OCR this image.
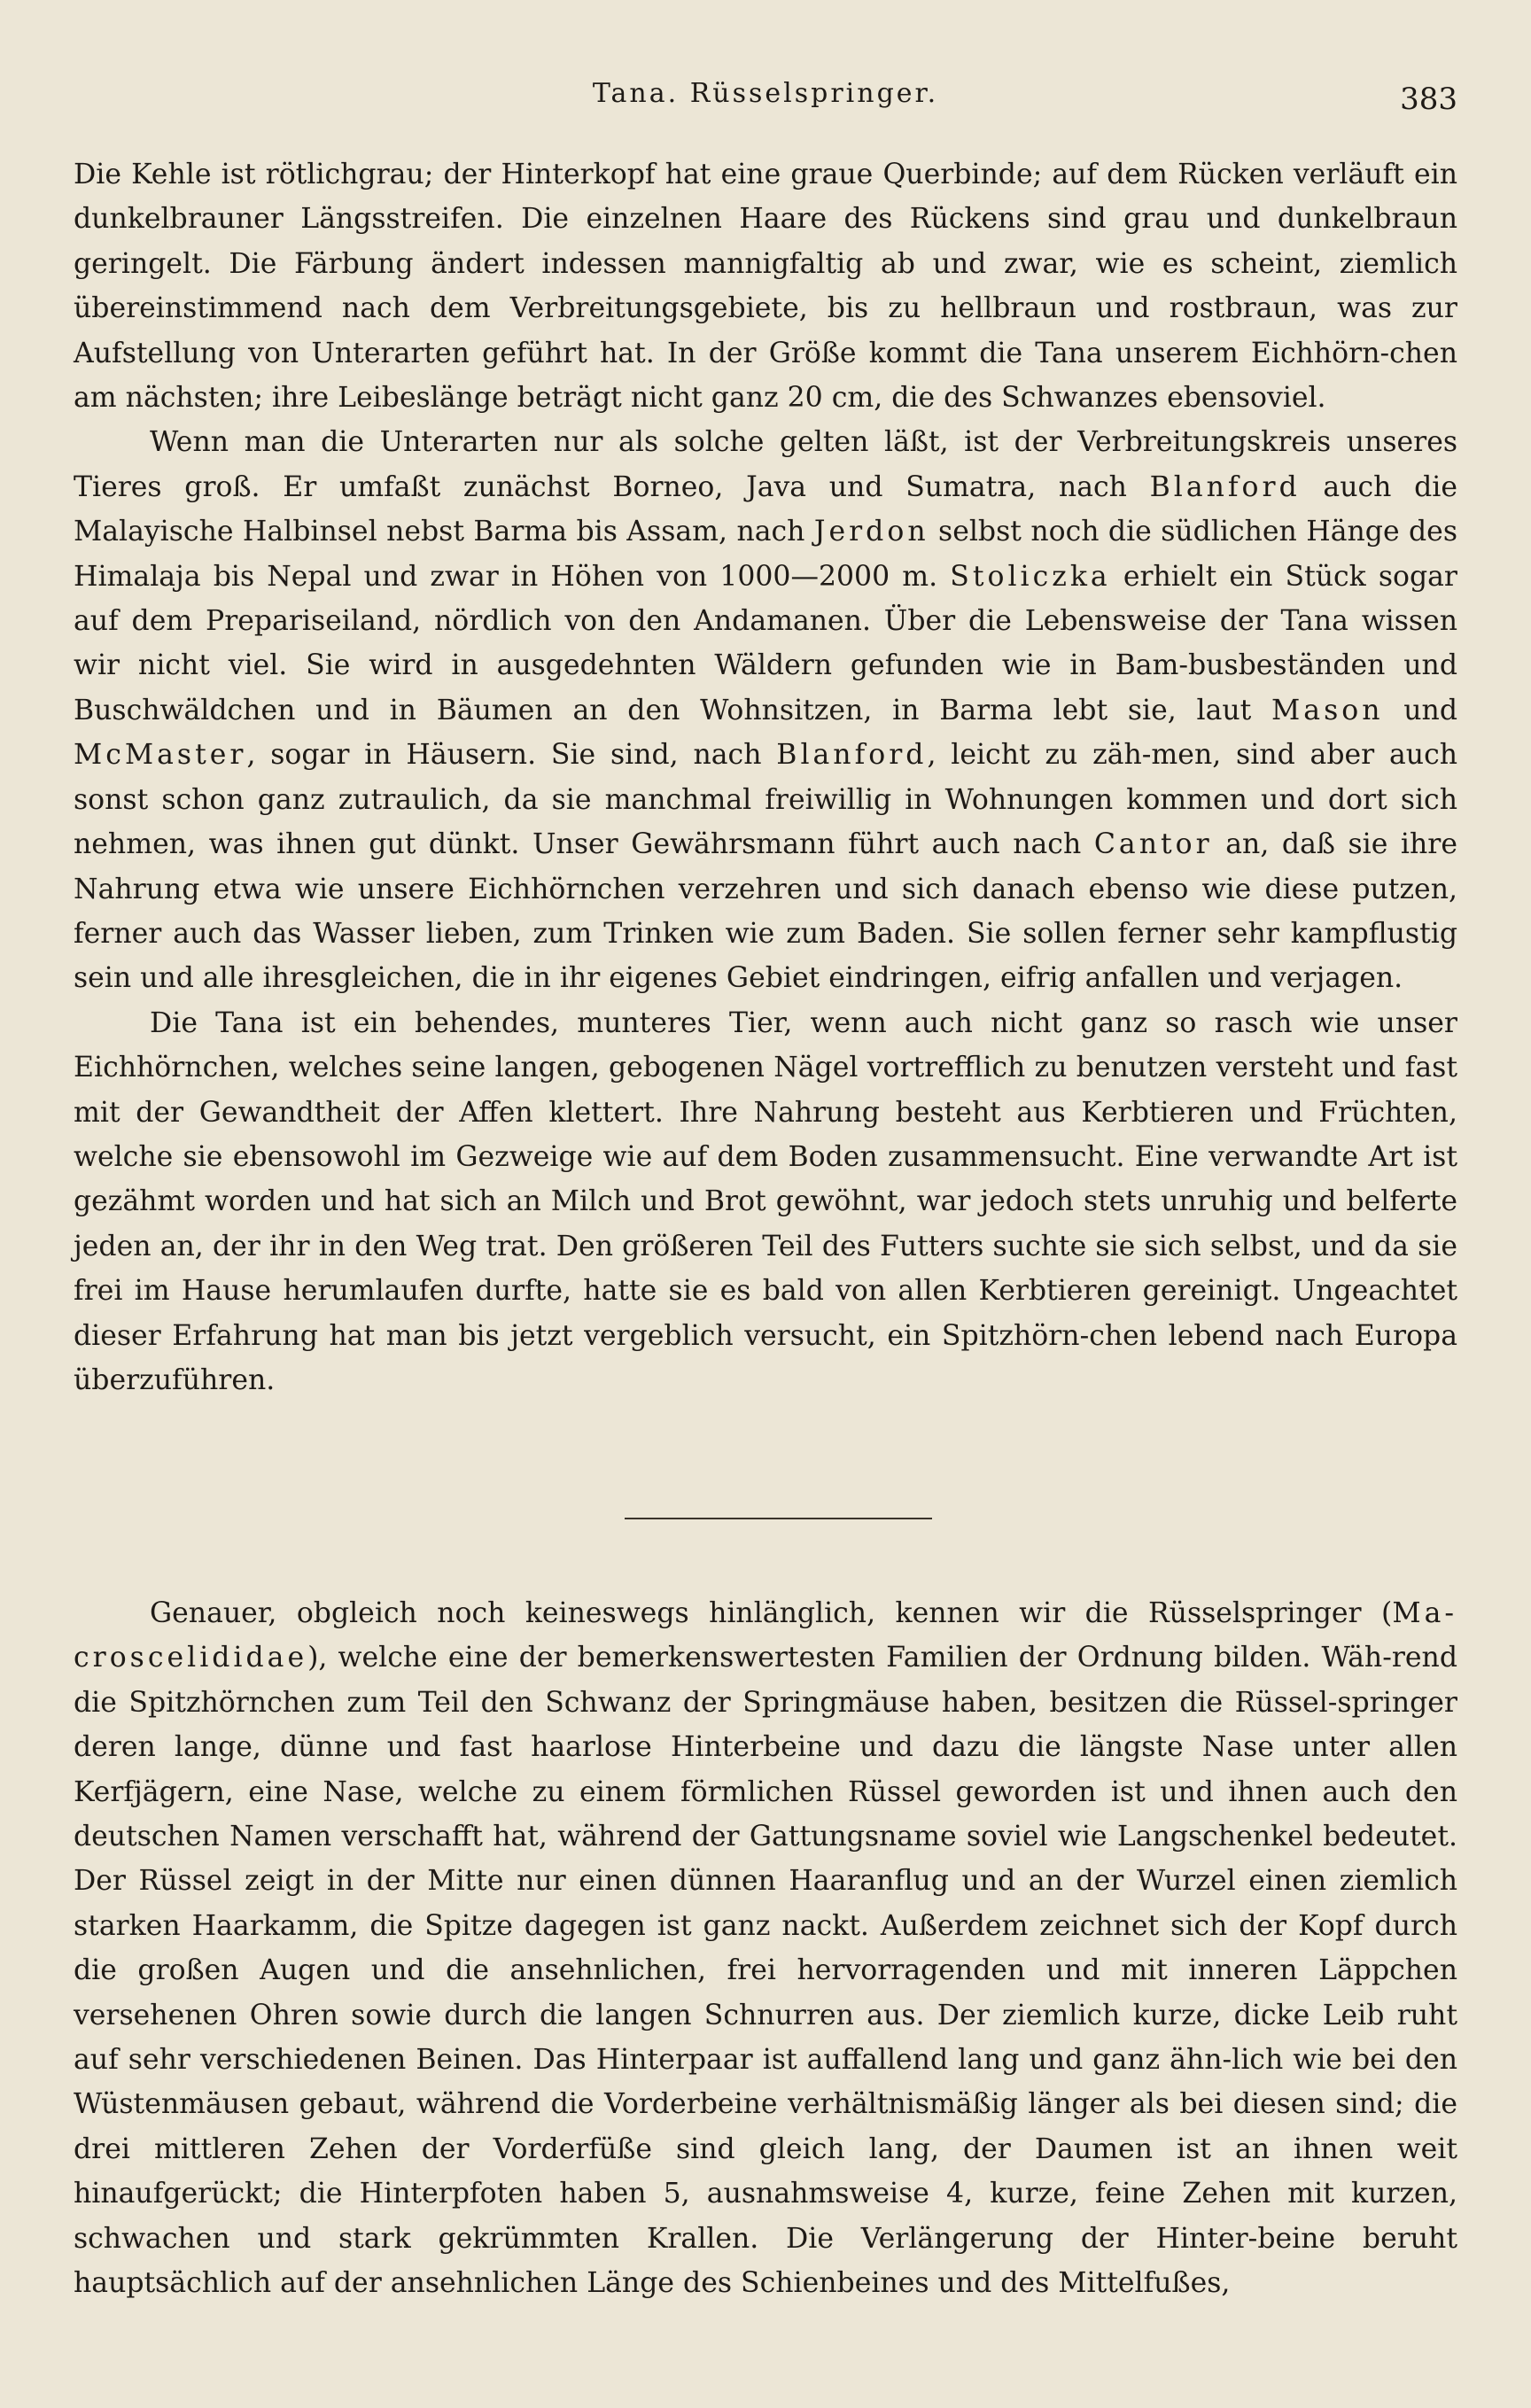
Tana. Rüsselspringer.	383

Die Kehle ist rötlichgrau; der Hinterkopf hat eine graue Querbinde; auf dem Rücken verläuft ein dunkelbrauner Längsstreifen. Die einzelnen Haare des Rückens sind grau und dunkelbraun geringelt. Die Färbung ändert indessen mannigfaltig ab und zwar, wie es scheint, ziemlich übereinstimmend nach dem Verbreitungsgebiete, bis zu hellbraun und rostbraun, was zur Aufstellung von Unterarten geführt hat. In der Größe kommt die Tana unserem Eichhörn-chen am nächsten; ihre Leibeslänge beträgt nicht ganz 20 cm, die des Schwanzes ebensoviel.

Wenn man die Unterarten nur als solche gelten läßt, ist der Verbreitungskreis unseres Tieres groß. Er umfaßt zunächst Borneo, Java und Sumatra, nach Blanford auch die Malayische Halbinsel nebst Barma bis Assam, nach Jerdon selbst noch die südlichen Hänge des Himalaja bis Nepal und zwar in Höhen von 1000—2000 m. Stoliczka erhielt ein Stück sogar auf dem Prepariseiland, nördlich von den Andamanen. Über die Lebensweise der Tana wissen wir nicht viel. Sie wird in ausgedehnten Wäldern gefunden wie in Bam-busbeständen und Buschwäldchen und in Bäumen an den Wohnsitzen, in Barma lebt sie, laut Mason und McMaster, sogar in Häusern. Sie sind, nach Blanford, leicht zu zäh-men, sind aber auch sonst schon ganz zutraulich, da sie manchmal freiwillig in Wohnungen kommen und dort sich nehmen, was ihnen gut dünkt. Unser Gewährsmann führt auch nach Cantor an, daß sie ihre Nahrung etwa wie unsere Eichhörnchen verzehren und sich danach ebenso wie diese putzen, ferner auch das Wasser lieben, zum Trinken wie zum Baden. Sie sollen ferner sehr kampflustig sein und alle ihresgleichen, die in ihr eigenes Gebiet eindringen, eifrig anfallen und verjagen.

Die Tana ist ein behendes, munteres Tier, wenn auch nicht ganz so rasch wie unser Eichhörnchen, welches seine langen, gebogenen Nägel vortrefflich zu benutzen versteht und fast mit der Gewandtheit der Affen klettert. Ihre Nahrung besteht aus Kerbtieren und Früchten, welche sie ebensowohl im Gezweige wie auf dem Boden zusammensucht. Eine verwandte Art ist gezähmt worden und hat sich an Milch und Brot gewöhnt, war jedoch stets unruhig und belferte jeden an, der ihr in den Weg trat. Den größeren Teil des Futters suchte sie sich selbst, und da sie frei im Hause herumlaufen durfte, hatte sie es bald von allen Kerbtieren gereinigt. Ungeachtet dieser Erfahrung hat man bis jetzt vergeblich versucht, ein Spitzhörn-chen lebend nach Europa überzuführen.

Genauer, obgleich noch keineswegs hinlänglich, kennen wir die Rüsselspringer (Ma-croscelididae), welche eine der bemerkenswertesten Familien der Ordnung bilden. Wäh-rend die Spitzhörnchen zum Teil den Schwanz der Springmäuse haben, besitzen die Rüssel-springer deren lange, dünne und fast haarlose Hinterbeine und dazu die längste Nase unter allen Kerfjägern, eine Nase, welche zu einem förmlichen Rüssel geworden ist und ihnen auch den deutschen Namen verschafft hat, während der Gattungsname soviel wie Langschenkel bedeutet. Der Rüssel zeigt in der Mitte nur einen dünnen Haaranflug und an der Wurzel einen ziemlich starken Haarkamm, die Spitze dagegen ist ganz nackt. Außerdem zeichnet sich der Kopf durch die großen Augen und die ansehnlichen, frei hervorragenden und mit inneren Läppchen versehenen Ohren sowie durch die langen Schnurren aus. Der ziemlich kurze, dicke Leib ruht auf sehr verschiedenen Beinen. Das Hinterpaar ist auffallend lang und ganz ähn-lich wie bei den Wüstenmäusen gebaut, während die Vorderbeine verhältnismäßig länger als bei diesen sind; die drei mittleren Zehen der Vorderfüße sind gleich lang, der Daumen ist an ihnen weit hinaufgerückt; die Hinterpfoten haben 5, ausnahmsweise 4, kurze, feine Zehen mit kurzen, schwachen und stark gekrümmten Krallen. Die Verlängerung der Hinter-beine beruht hauptsächlich auf der ansehnlichen Länge des Schienbeines und des Mittelfußes,
